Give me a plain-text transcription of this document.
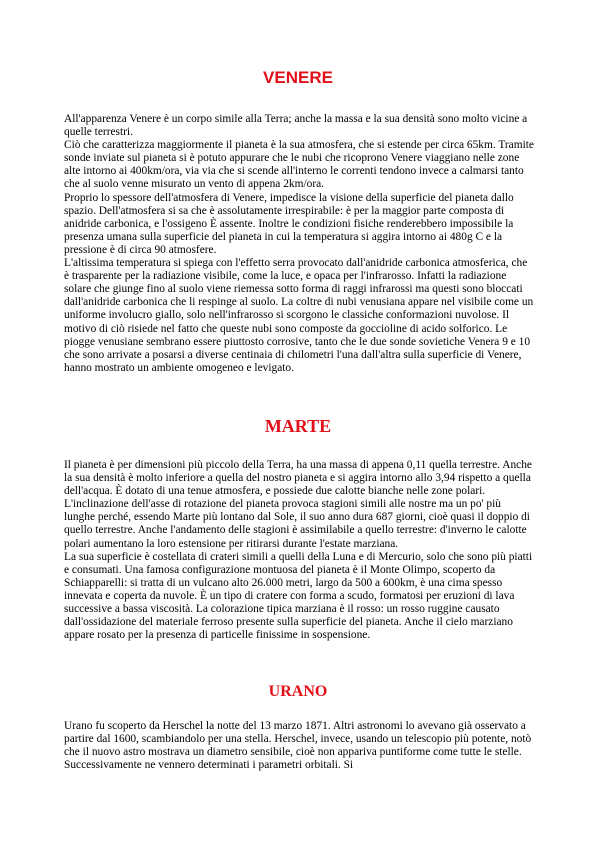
VENERE

All'apparenza Venere è un corpo simile alla Terra; anche la massa e la sua densità sono molto vicine a quelle terrestri.

Ciò che caratterizza maggiormente il pianeta è la sua atmosfera, che si estende per circa 65km. Tramite sonde inviate sul pianeta si è potuto appurare che le nubi che ricoprono Venere viaggiano nelle zone alte intorno ai 400km/ora, via via che si scende all'interno le correnti tendono invece a calmarsi tanto che al suolo venne misurato un vento di appena 2km/ora.

Proprio lo spessore dell'atmosfera di Venere, impedisce la visione della superficie del pianeta dallo spazio. Dell'atmosfera si sa che è assolutamente irrespirabile: è per la maggior parte composta di anidride carbonica, e l'ossigeno È assente. Inoltre le condizioni fisiche renderebbero impossibile la presenza umana sulla superficie del pianeta in cui la temperatura si aggira intorno ai 480g C e la pressione è di circa 90 atmosfere.

L'altissima temperatura si spiega con l'effetto serra provocato dall'anidride carbonica atmosferica, che è trasparente per la radiazione visibile, come la luce, e opaca per l'infrarosso. Infatti la radiazione solare che giunge fino al suolo viene riemessa sotto forma di raggi infrarossi ma questi sono bloccati dall'anidride carbonica che li respinge al suolo. La coltre di nubi venusiana appare nel visibile come un uniforme involucro giallo, solo nell'infrarosso si scorgono le classiche conformazioni nuvolose. Il motivo di ciò risiede nel fatto che queste nubi sono composte da goccioline di acido solforico. Le piogge venusiane sembrano essere piuttosto corrosive, tanto che le due sonde sovietiche Venera 9 e 10 che sono arrivate a posarsi a diverse centinaia di chilometri l'una dall'altra sulla superficie di Venere, hanno mostrato un ambiente omogeneo e levigato.

MARTE

Il pianeta è per dimensioni più piccolo della Terra, ha una massa di appena 0,11 quella terrestre. Anche la sua densità è molto inferiore a quella del nostro pianeta e si aggira intorno allo 3,94 rispetto a quella dell'acqua. È dotato di una tenue atmosfera, e possiede due calotte bianche nelle zone polari. L'inclinazione dell'asse di rotazione del pianeta provoca stagioni simili alle nostre ma un po' più lunghe perché, essendo Marte più lontano dal Sole, il suo anno dura 687 giorni, cioè quasi il doppio di quello terrestre. Anche l'andamento delle stagioni è assimilabile a quello terrestre: d'inverno le calotte polari aumentano la loro estensione per ritirarsi durante l'estate marziana.

La sua superficie è costellata di crateri simili a quelli della Luna e di Mercurio, solo che sono più piatti e consumati. Una famosa configurazione montuosa del pianeta è il Monte Olimpo, scoperto da Schiapparelli: si tratta di un vulcano alto 26.000 metri, largo da 500 a 600km, è una cima spesso innevata e coperta da nuvole. È un tipo di cratere con forma a scudo, formatosi per eruzioni di lava successive a bassa viscosità. La colorazione tipica marziana è il rosso: un rosso ruggine causato dall'ossidazione del materiale ferroso presente sulla superficie del pianeta. Anche il cielo marziano appare rosato per la presenza di particelle finissime in sospensione.

URANO

Urano fu scoperto da Herschel la notte del 13 marzo 1871. Altri astronomi lo avevano già osservato a partire dal 1600, scambiandolo per una stella. Herschel, invece, usando un telescopio più potente, notò che il nuovo astro mostrava un diametro sensibile, cioè non appariva puntiforme come tutte le stelle. Successivamente ne vennero determinati i parametri orbitali. Si
